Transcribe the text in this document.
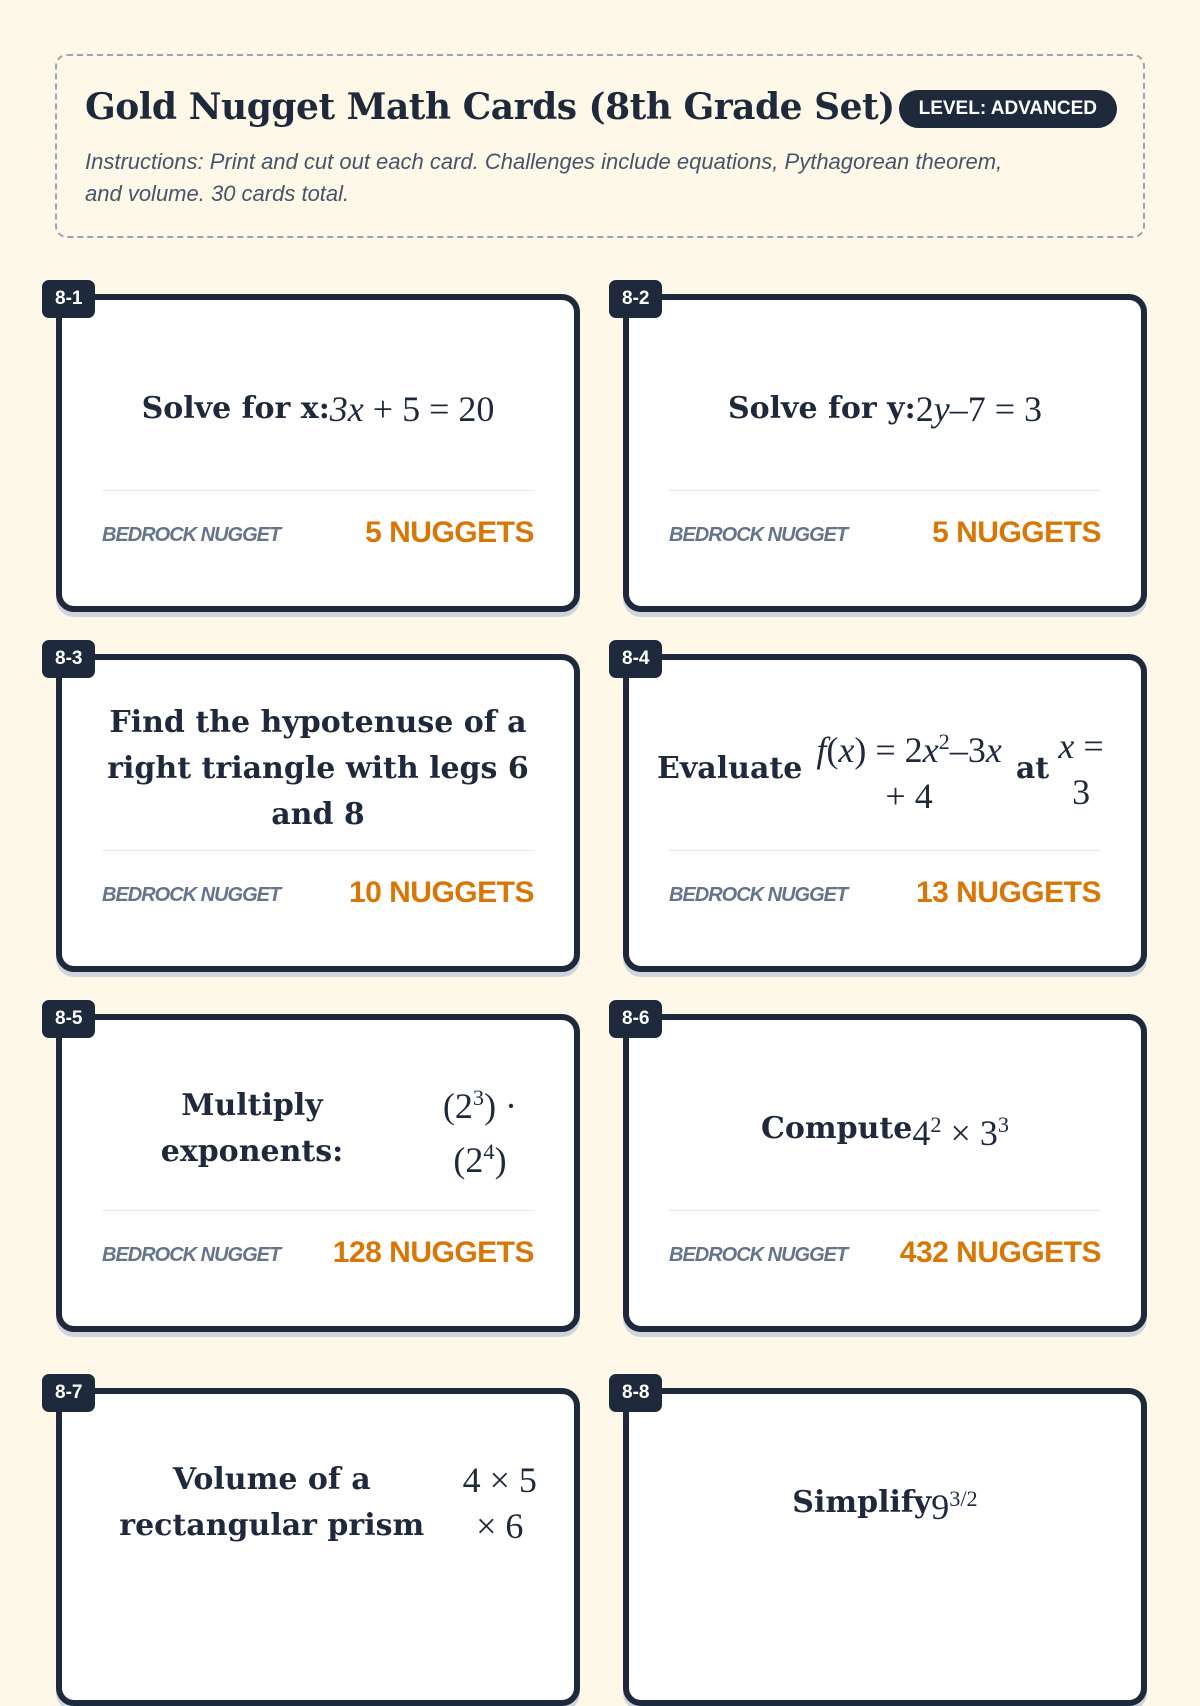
Gold Nugget Math Cards (8th Grade Set)	LEVEL: ADVANCED

Instructions: Print and cut out each card. Challenges include equations, Pythagorean theorem, and volume. 30 cards total.

8-1
Solve for x: 3x + 5 = 20
BEDROCK NUGGET	5 NUGGETS
8-2
Solve for y: 2y–7 = 3
BEDROCK NUGGET	5 NUGGETS
8-3
Find the hypotenuse of a right triangle with legs 6 and 8
BEDROCK NUGGET 10 NUGGETS
8-4
Evaluate $f(x) = 2x^2-3x + 4$
at
x = 3
BEDROCK NUGGET 13 NUGGETS
8-5
Multiply exponents:
$(2^3) \cdot (2^4)$
BEDROCK NUGGET 128 NUGGETS
8-6
Compute $4^2 \times 3^3$
BEDROCK NUGGET 432 NUGGETS
8-7
Volume of a rectangular prism
4 × 5 × 6
8-8
Simplify $9^{3/2}$
